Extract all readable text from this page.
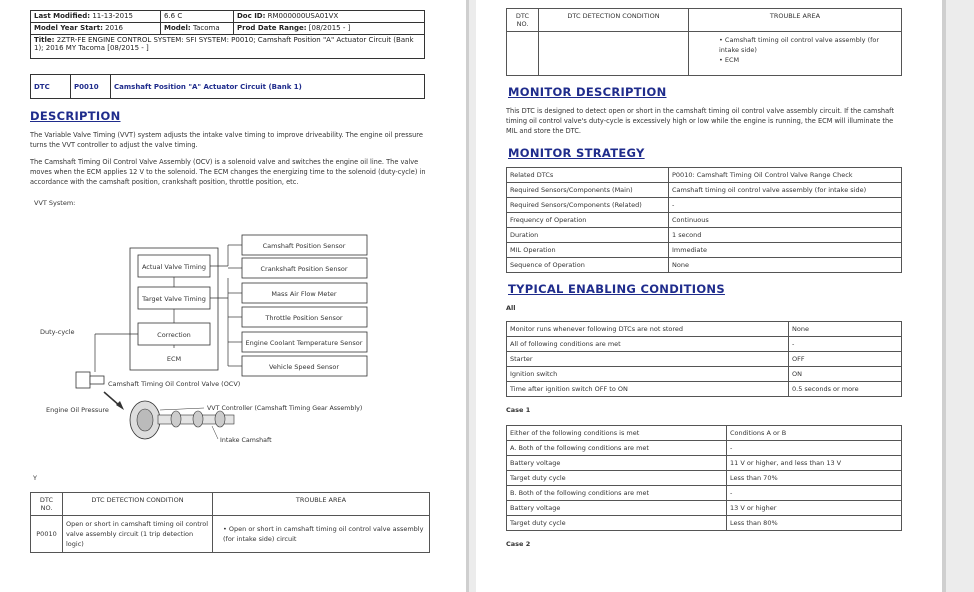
Last Modified: 11-13-2015	6.6 C	Doc ID: RM000000USA01VX
Model Year Start: 2016	Model: Tacoma	Prod Date Range: [08/2015 - ]
Title: 2ZTR-FE ENGINE CONTROL SYSTEM: SFI SYSTEM: P0010; Camshaft Position "A" Actuator Circuit (Bank 1); 2016 MY Tacoma [08/2015 - ]		
DTC	P0010	Camshaft Position "A" Actuator Circuit (Bank 1)
DESCRIPTION

The Variable Valve Timing (VVT) system adjusts the intake valve timing to improve driveability. The engine oil pressure turns the VVT controller to adjust the valve timing.

The Camshaft Timing Oil Control Valve Assembly (OCV) is a solenoid valve and switches the engine oil line. The valve moves when the ECM applies 12 V to the solenoid. The ECM changes the energizing time to the solenoid (duty-cycle) in accordance with the camshaft position, crankshaft position, throttle position, etc.

VVT System:
Camshaft Position Sensor
Crankshaft Position Sensor
Mass Air Flow Meter
Throttle Position Sensor
Engine Coolant Temperature Sensor
Vehicle Speed Sensor
Actual Valve Timing
Target Valve Timing
Correction
ECM
Duty-cycle
Camshaft Timing Oil Control Valve (OCV)
Engine Oil Pressure	VVT Controller (Camshaft Timing Gear Assembly)
Intake Camshaft
Y
DTC NO.	DTC DETECTION CONDITION	TROUBLE AREA
P0010	Open or short in camshaft timing oil control valve assembly circuit (1 trip detection logic)	• Open or short in camshaft timing oil control valve assembly (for intake side) circuit
DTC NO.	DTC DETECTION CONDITION	TROUBLE AREA

		• Camshaft timing oil control valve assembly (for intake side)
• ECM
MONITOR DESCRIPTION

This DTC is designed to detect open or short in the camshaft timing oil control valve assembly circuit. If the camshaft timing oil control valve's duty-cycle is excessively high or low while the engine is running, the ECM will illuminate the MIL and store the DTC.

MONITOR STRATEGY
Related DTCs	P0010: Camshaft Timing Oil Control Valve Range Check
Required Sensors/Components (Main)	Camshaft timing oil control valve assembly (for intake side)
Required Sensors/Components (Related)	-
Frequency of Operation	Continuous
Duration	1 second
MIL Operation	Immediate
Sequence of Operation	None
TYPICAL ENABLING CONDITIONS
All
Monitor runs whenever following DTCs are not stored	None
All of following conditions are met	-
Starter	OFF
Ignition switch	ON
Time after ignition switch OFF to ON	0.5 seconds or more
Case 1
Either of the following conditions is met	Conditions A or B
A. Both of the following conditions are met	-
Battery voltage	11 V or higher, and less than 13 V
Target duty cycle	Less than 70%
B. Both of the following conditions are met	-
Battery voltage	13 V or higher
Target duty cycle	Less than 80%
Case 2
